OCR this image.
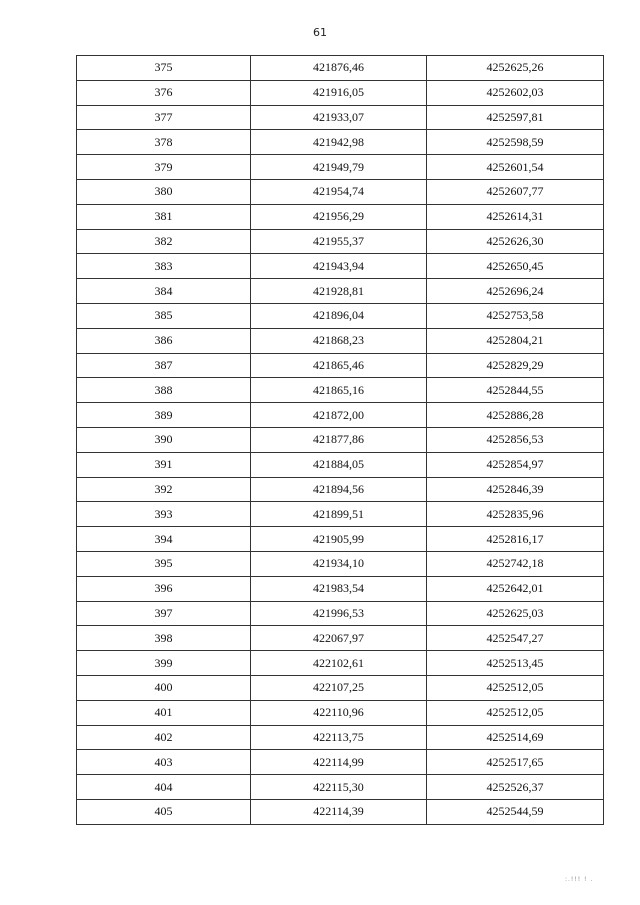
61
375	421876,46	4252625,26
376	421916,05	4252602,03
377	421933,07	4252597,81
378	421942,98	4252598,59
379	421949,79	4252601,54
380	421954,74	4252607,77
381	421956,29	4252614,31
382	421955,37	4252626,30
383	421943,94	4252650,45
384	421928,81	4252696,24
385	421896,04	4252753,58
386	421868,23	4252804,21
387	421865,46	4252829,29
388	421865,16	4252844,55
389	421872,00	4252886,28
390	421877,86	4252856,53
391	421884,05	4252854,97
392	421894,56	4252846,39
393	421899,51	4252835,96
394	421905,99	4252816,17
395	421934,10	4252742,18
396	421983,54	4252642,01
397	421996,53	4252625,03
398	422067,97	4252547,27
399	422102,61	4252513,45
400	422107,25	4252512,05
401	422110,96	4252512,05
402	422113,75	4252514,69
403	422114,99	4252517,65
404	422115,30	4252526,37
405	422114,39	4252544,59
:.!!! ! .
